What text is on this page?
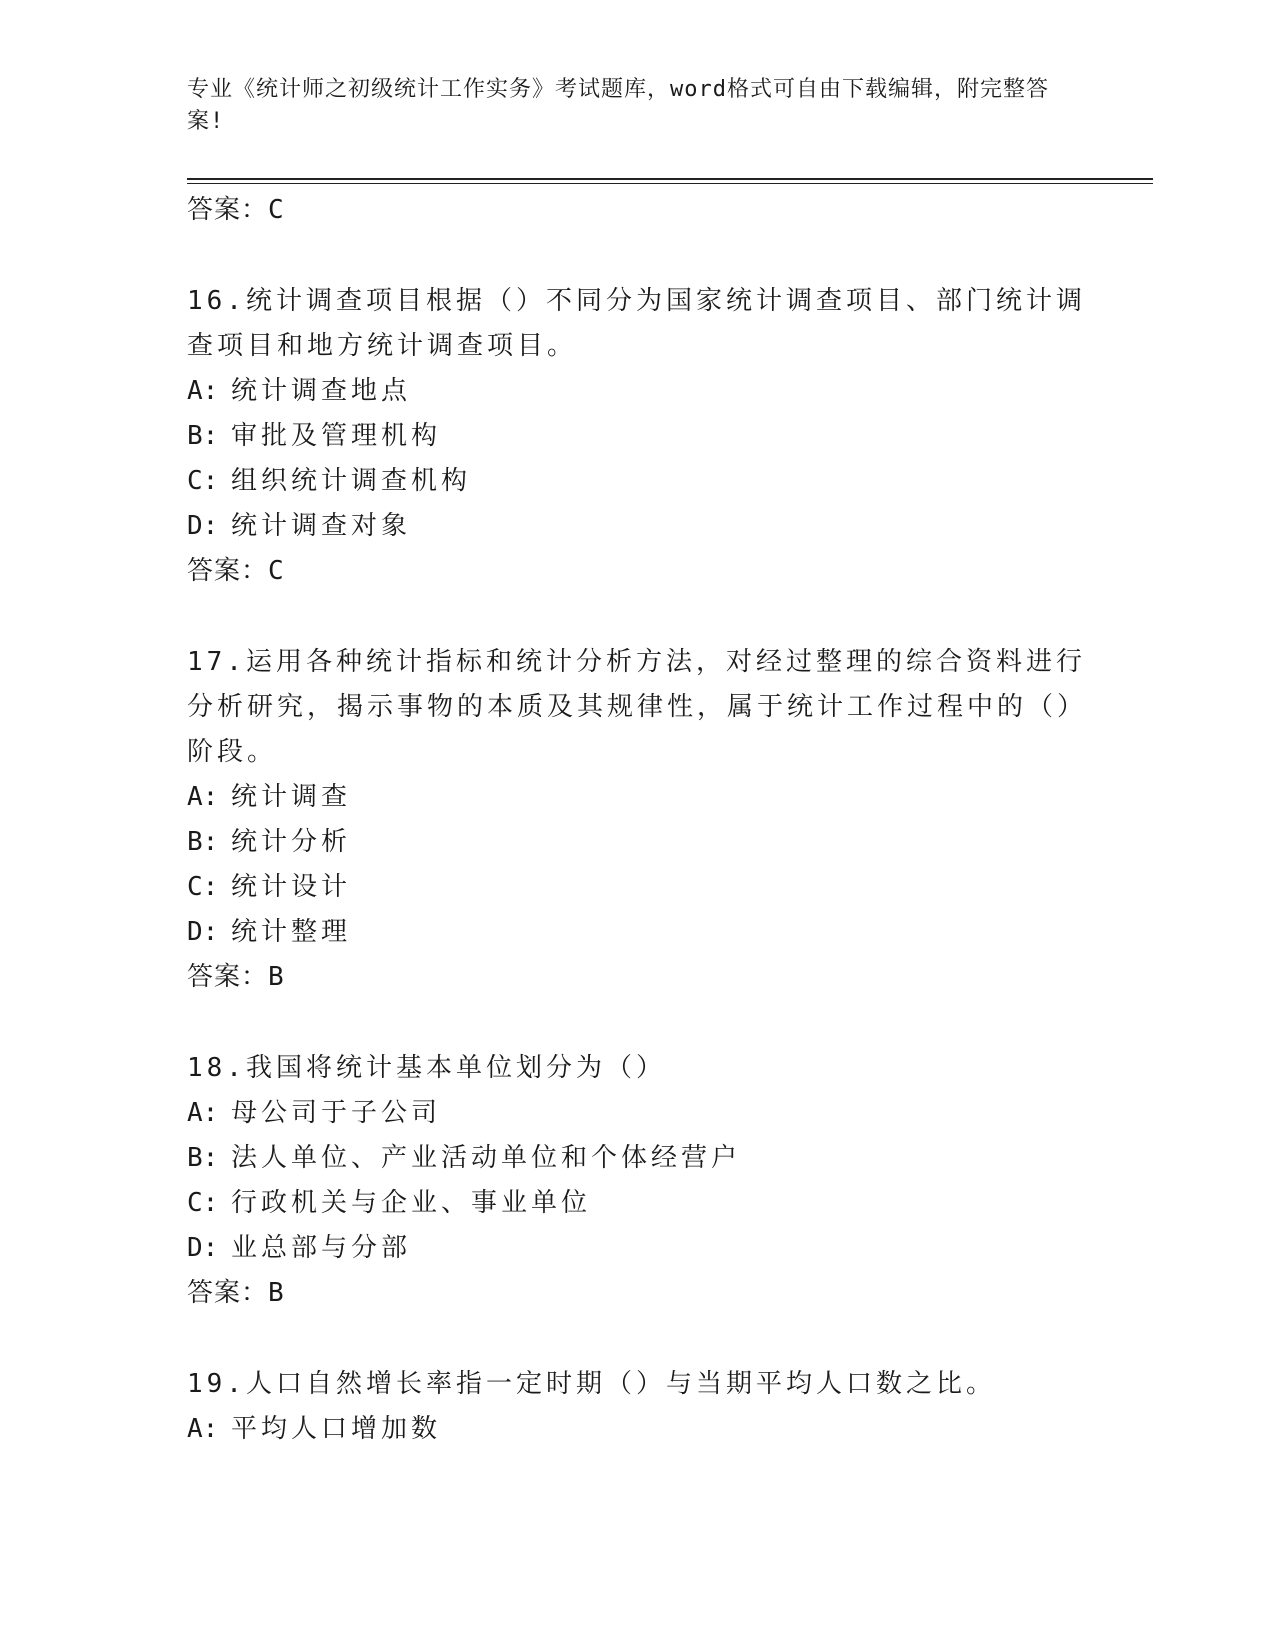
专业《统计师之初级统计工作实务》考试题库，word格式可自由下载编辑，附完整答案!

答案：C

16.统计调查项目根据（）不同分为国家统计调查项目、部门统计调查项目和地方统计调查项目。

A: 统计调查地点

B: 审批及管理机构

C: 组织统计调查机构

D: 统计调查对象

答案：C

17.运用各种统计指标和统计分析方法，对经过整理的综合资料进行分析研究，揭示事物的本质及其规律性，属于统计工作过程中的（）阶段。

A: 统计调查

B: 统计分析

C: 统计设计

D: 统计整理

答案：B

18.我国将统计基本单位划分为（）

A: 母公司于子公司

B: 法人单位、产业活动单位和个体经营户

C: 行政机关与企业、事业单位

D: 业总部与分部

答案：B

19.人口自然增长率指一定时期（）与当期平均人口数之比。

A: 平均人口增加数
